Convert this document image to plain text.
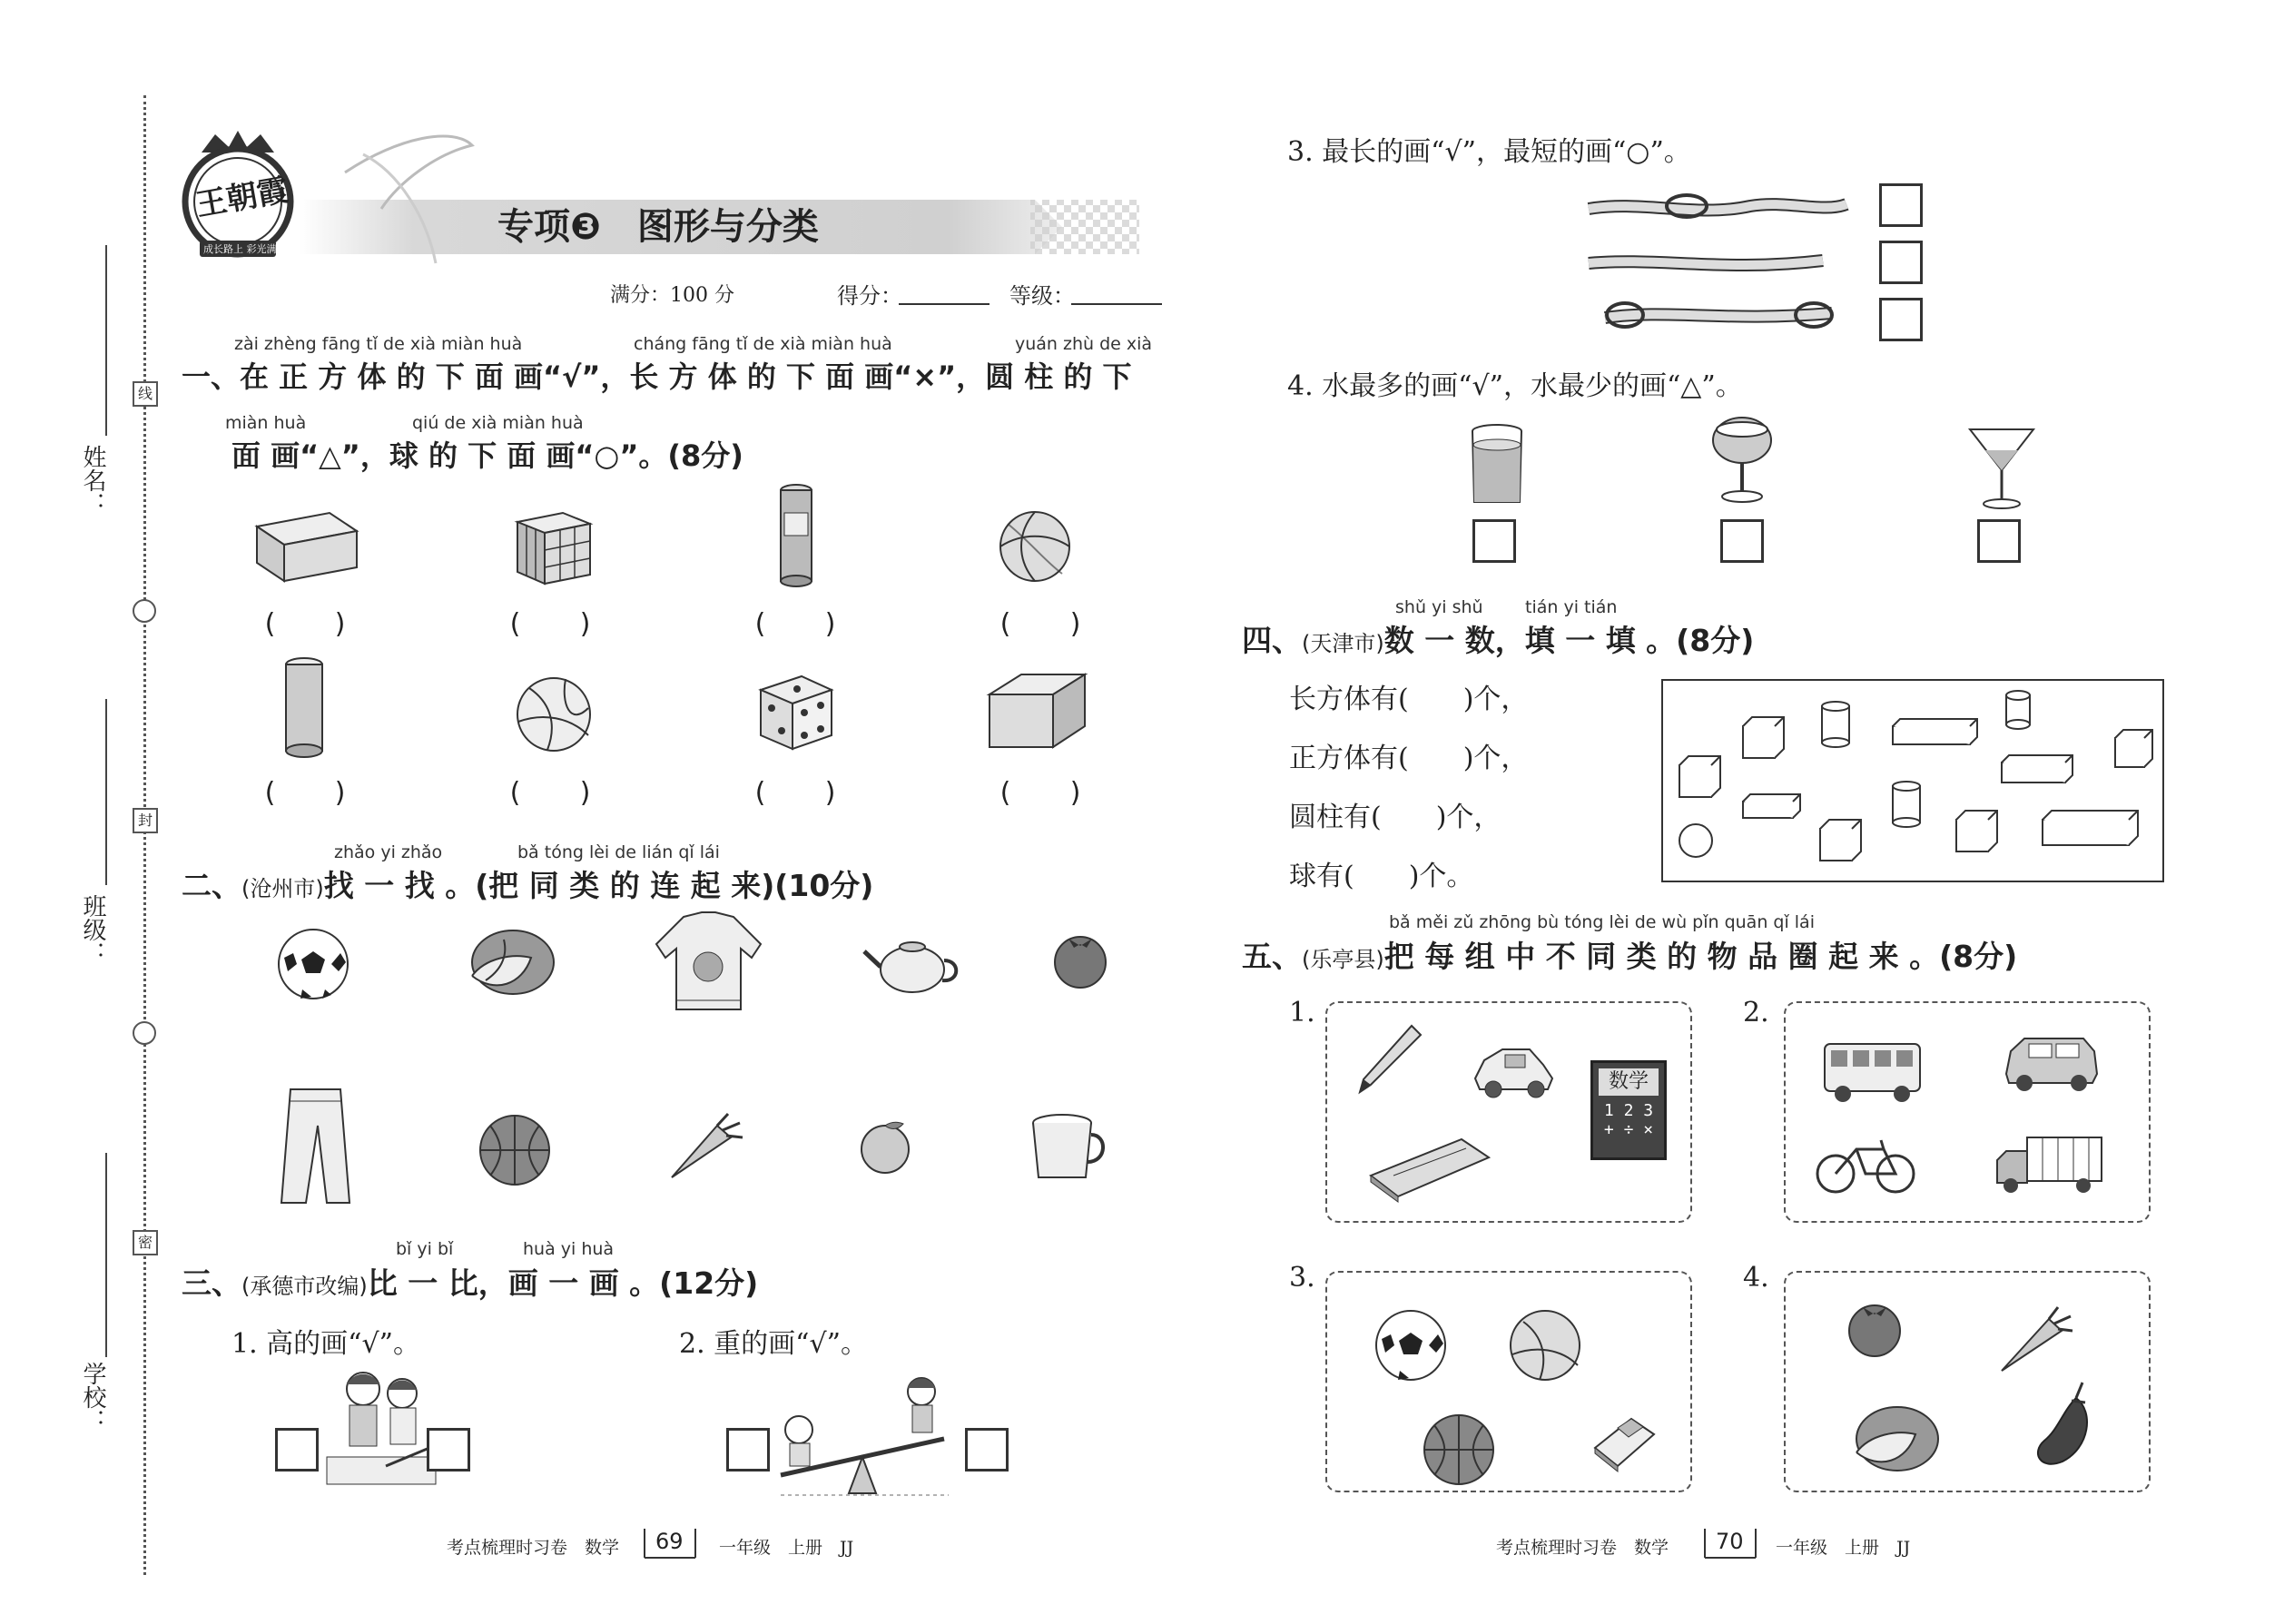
姓名：
班级：
学校：
线
封
密
王朝霞
成长路上 彩光满天
专项❸　图形与分类
满分：100 分	得分：	等级：
zài zhèng fāng tǐ de xià miàn huà	cháng fāng tǐ de xià miàn huà	yuán zhù de xià
一、在 正 方 体 的 下 面 画“√”，长 方 体 的 下 面 画“×”，圆 柱 的 下
miàn huà	qiú de xià miàn huà
面 画“△”，球 的 下 面 画“○”。(8分)
(　　)	(　　)	(　　)	(　　)
(　　)	(　　)	(　　)	(　　)
zhǎo yi zhǎo	bǎ tóng lèi de lián qǐ lái
二、(沧州市)找 一 找 。(把 同 类 的 连 起 来)(10分)
bǐ yi bǐ	huà yi huà
三、(承德市改编)比 一 比，画 一 画 。(12分)
1. 高的画“√”。	2. 重的画“√”。
3. 最长的画“√”，最短的画“○”。
4. 水最多的画“√”，水最少的画“△”。
shǔ yi shǔ tián yi tián
四、(天津市)数 一 数，填 一 填 。(8分)
长方体有(　　)个，
正方体有(　　)个，
圆柱有(　　)个，
球有(　　)个。
bǎ měi zǔ zhōng bù tóng lèi de wù pǐn quān qǐ lái
五、(乐亭县)把 每 组 中 不 同 类 的 物 品 圈 起 来 。(8分)
1.	2.
3.	4.
数学
1 2 3
+ ÷ ×
考点梳理时习卷　数学 69 一年级　上册　JJ	考点梳理时习卷　数学 70 一年级　上册　JJ
